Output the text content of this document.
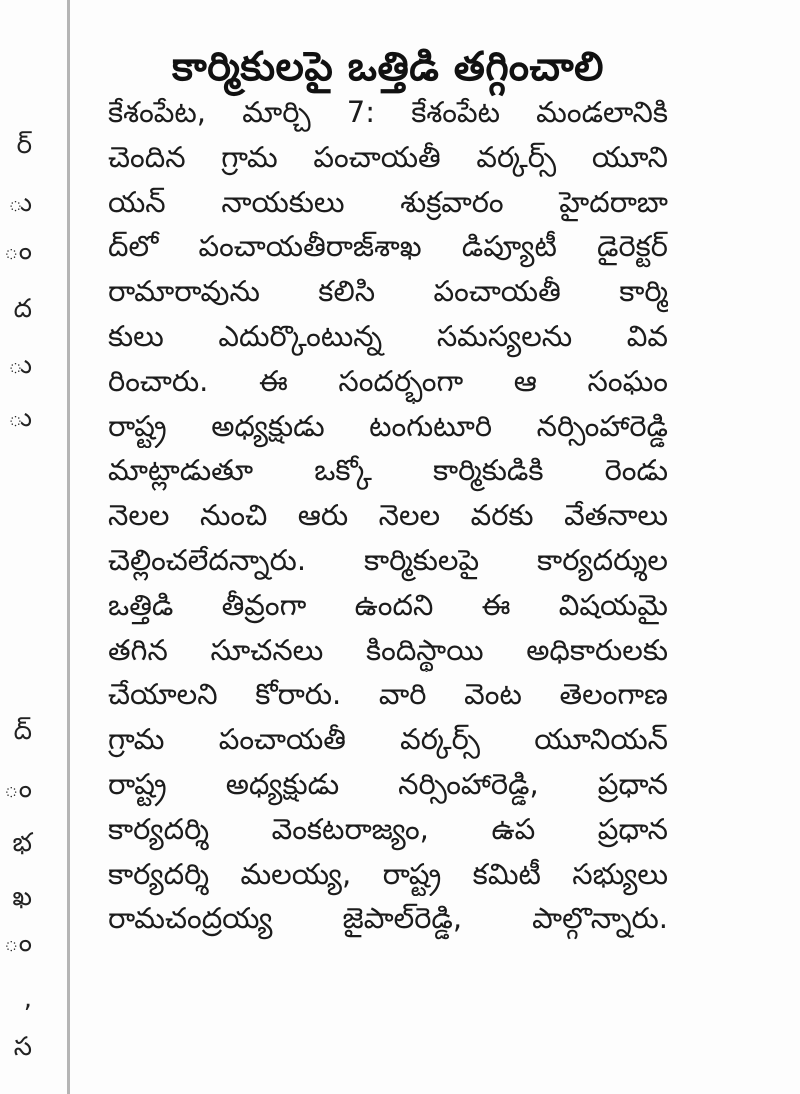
ర్
ు
ం
ద
ు
ు
ద్
ం
భ
ఖ
ం
,
స
కార్మికులపై ఒత్తిడి తగ్గించాలి
కేశంపేట, మార్చి 7: కేశంపేట మండలానికి
చెందిన గ్రామ పంచాయతీ వర్కర్స్ యూని
యన్ నాయకులు శుక్రవారం హైదరాబా
ద్‌లో పంచాయతీరాజ్‌శాఖ డిప్యూటీ డైరెక్టర్
రామారావును కలిసి పంచాయతీ కార్మి
కులు ఎదుర్కొంటున్న సమస్యలను వివ
రించారు. ఈ సందర్భంగా ఆ సంఘం
రాష్ట్ర అధ్యక్షుడు టంగుటూరి నర్సింహారెడ్డి
మాట్లాడుతూ ఒక్కో కార్మికుడికి రెండు
నెలల నుంచి ఆరు నెలల వరకు వేతనాలు
చెల్లించలేదన్నారు. కార్మికులపై కార్యదర్శుల
ఒత్తిడి తీవ్రంగా ఉందని ఈ విషయమై
తగిన సూచనలు కిందిస్థాయి అధికారులకు
చేయాలని కోరారు. వారి వెంట తెలంగాణ
గ్రామ పంచాయతీ వర్కర్స్ యూనియన్
రాష్ట్ర అధ్యక్షుడు నర్సింహారెడ్డి, ప్రధాన
కార్యదర్శి వెంకటరాజ్యం, ఉప ప్రధాన
కార్యదర్శి మలయ్య, రాష్ట్ర కమిటీ సభ్యులు
రామచంద్రయ్య జైపాల్‌రెడ్డి, పాల్గొన్నారు.
